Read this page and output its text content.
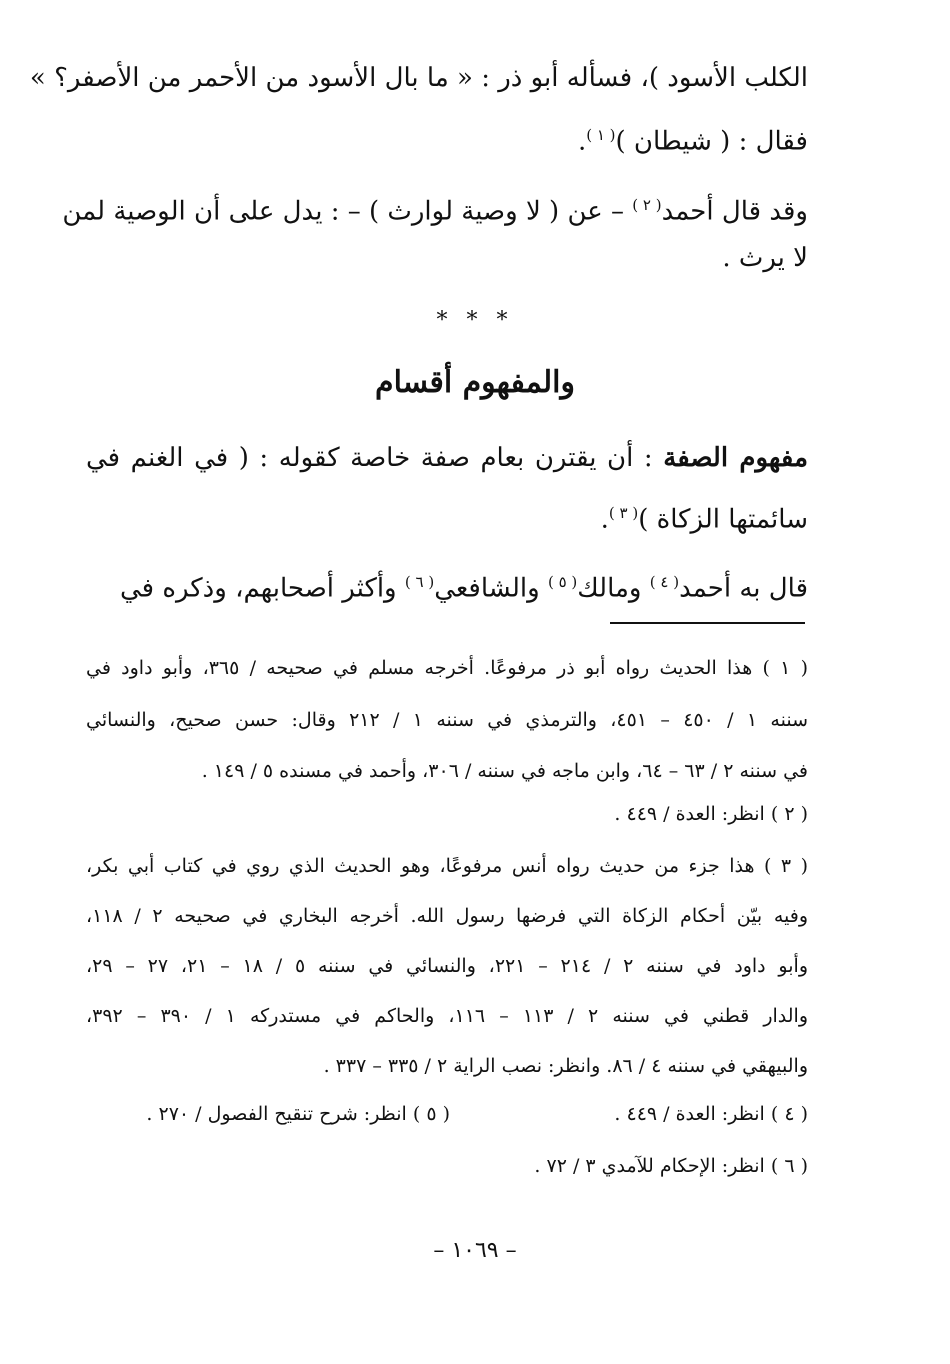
الكلب الأسود )، فسأله أبو ذر : « ما بال الأسود من الأحمر من الأصفر؟ »
فقال : ( شيطان )$^{( ١ )}$.
وقد قال أحمد$^{( ٢ )}$ – عن ( لا وصية لوارث ) – : يدل على أن الوصية لمن
لا يرث .
* * *
والمفهوم أقسام
مفهوم الصفة : أن يقترن بعام صفة خاصة كقوله : ( في الغنم في
سائمتها الزكاة )$^{( ٣ )}$.
قال به أحمد$^{( ٤ )}$ ومالك$^{( ٥ )}$ والشافعي$^{( ٦ )}$ وأكثر أصحابهم، وذكره في
( ١ ) هذا الحديث رواه أبو ذر مرفوعًا. أخرجه مسلم في صحيحه / ٣٦٥، وأبو داود في
سننه ١ / ٤٥٠ – ٤٥١، والترمذي في سننه ١ / ٢١٢ وقال: حسن صحيح، والنسائي
في سننه ٢ / ٦٣ – ٦٤، وابن ماجه في سننه / ٣٠٦، وأحمد في مسنده ٥ / ١٤٩ .
( ٢ ) انظر: العدة / ٤٤٩ .
( ٣ ) هذا جزء من حديث رواه أنس مرفوعًا، وهو الحديث الذي روي في كتاب أبي بكر،
وفيه بيّن أحكام الزكاة التي فرضها رسول الله. أخرجه البخاري في صحيحه ٢ / ١١٨،
وأبو داود في سننه ٢ / ٢١٤ – ٢٢١، والنسائي في سننه ٥ / ١٨ – ٢١، ٢٧ – ٢٩،
والدار قطني في سننه ٢ / ١١٣ – ١١٦، والحاكم في مستدركه ١ / ٣٩٠ – ٣٩٢،
والبيهقي في سننه ٤ / ٨٦. وانظر: نصب الراية ٢ / ٣٣٥ – ٣٣٧ .
( ٤ ) انظر: العدة / ٤٤٩ .
( ٥ ) انظر: شرح تنقيح الفصول / ٢٧٠ .
( ٦ ) انظر: الإحكام للآمدي ٣ / ٧٢ .
– ١٠٦٩ –
